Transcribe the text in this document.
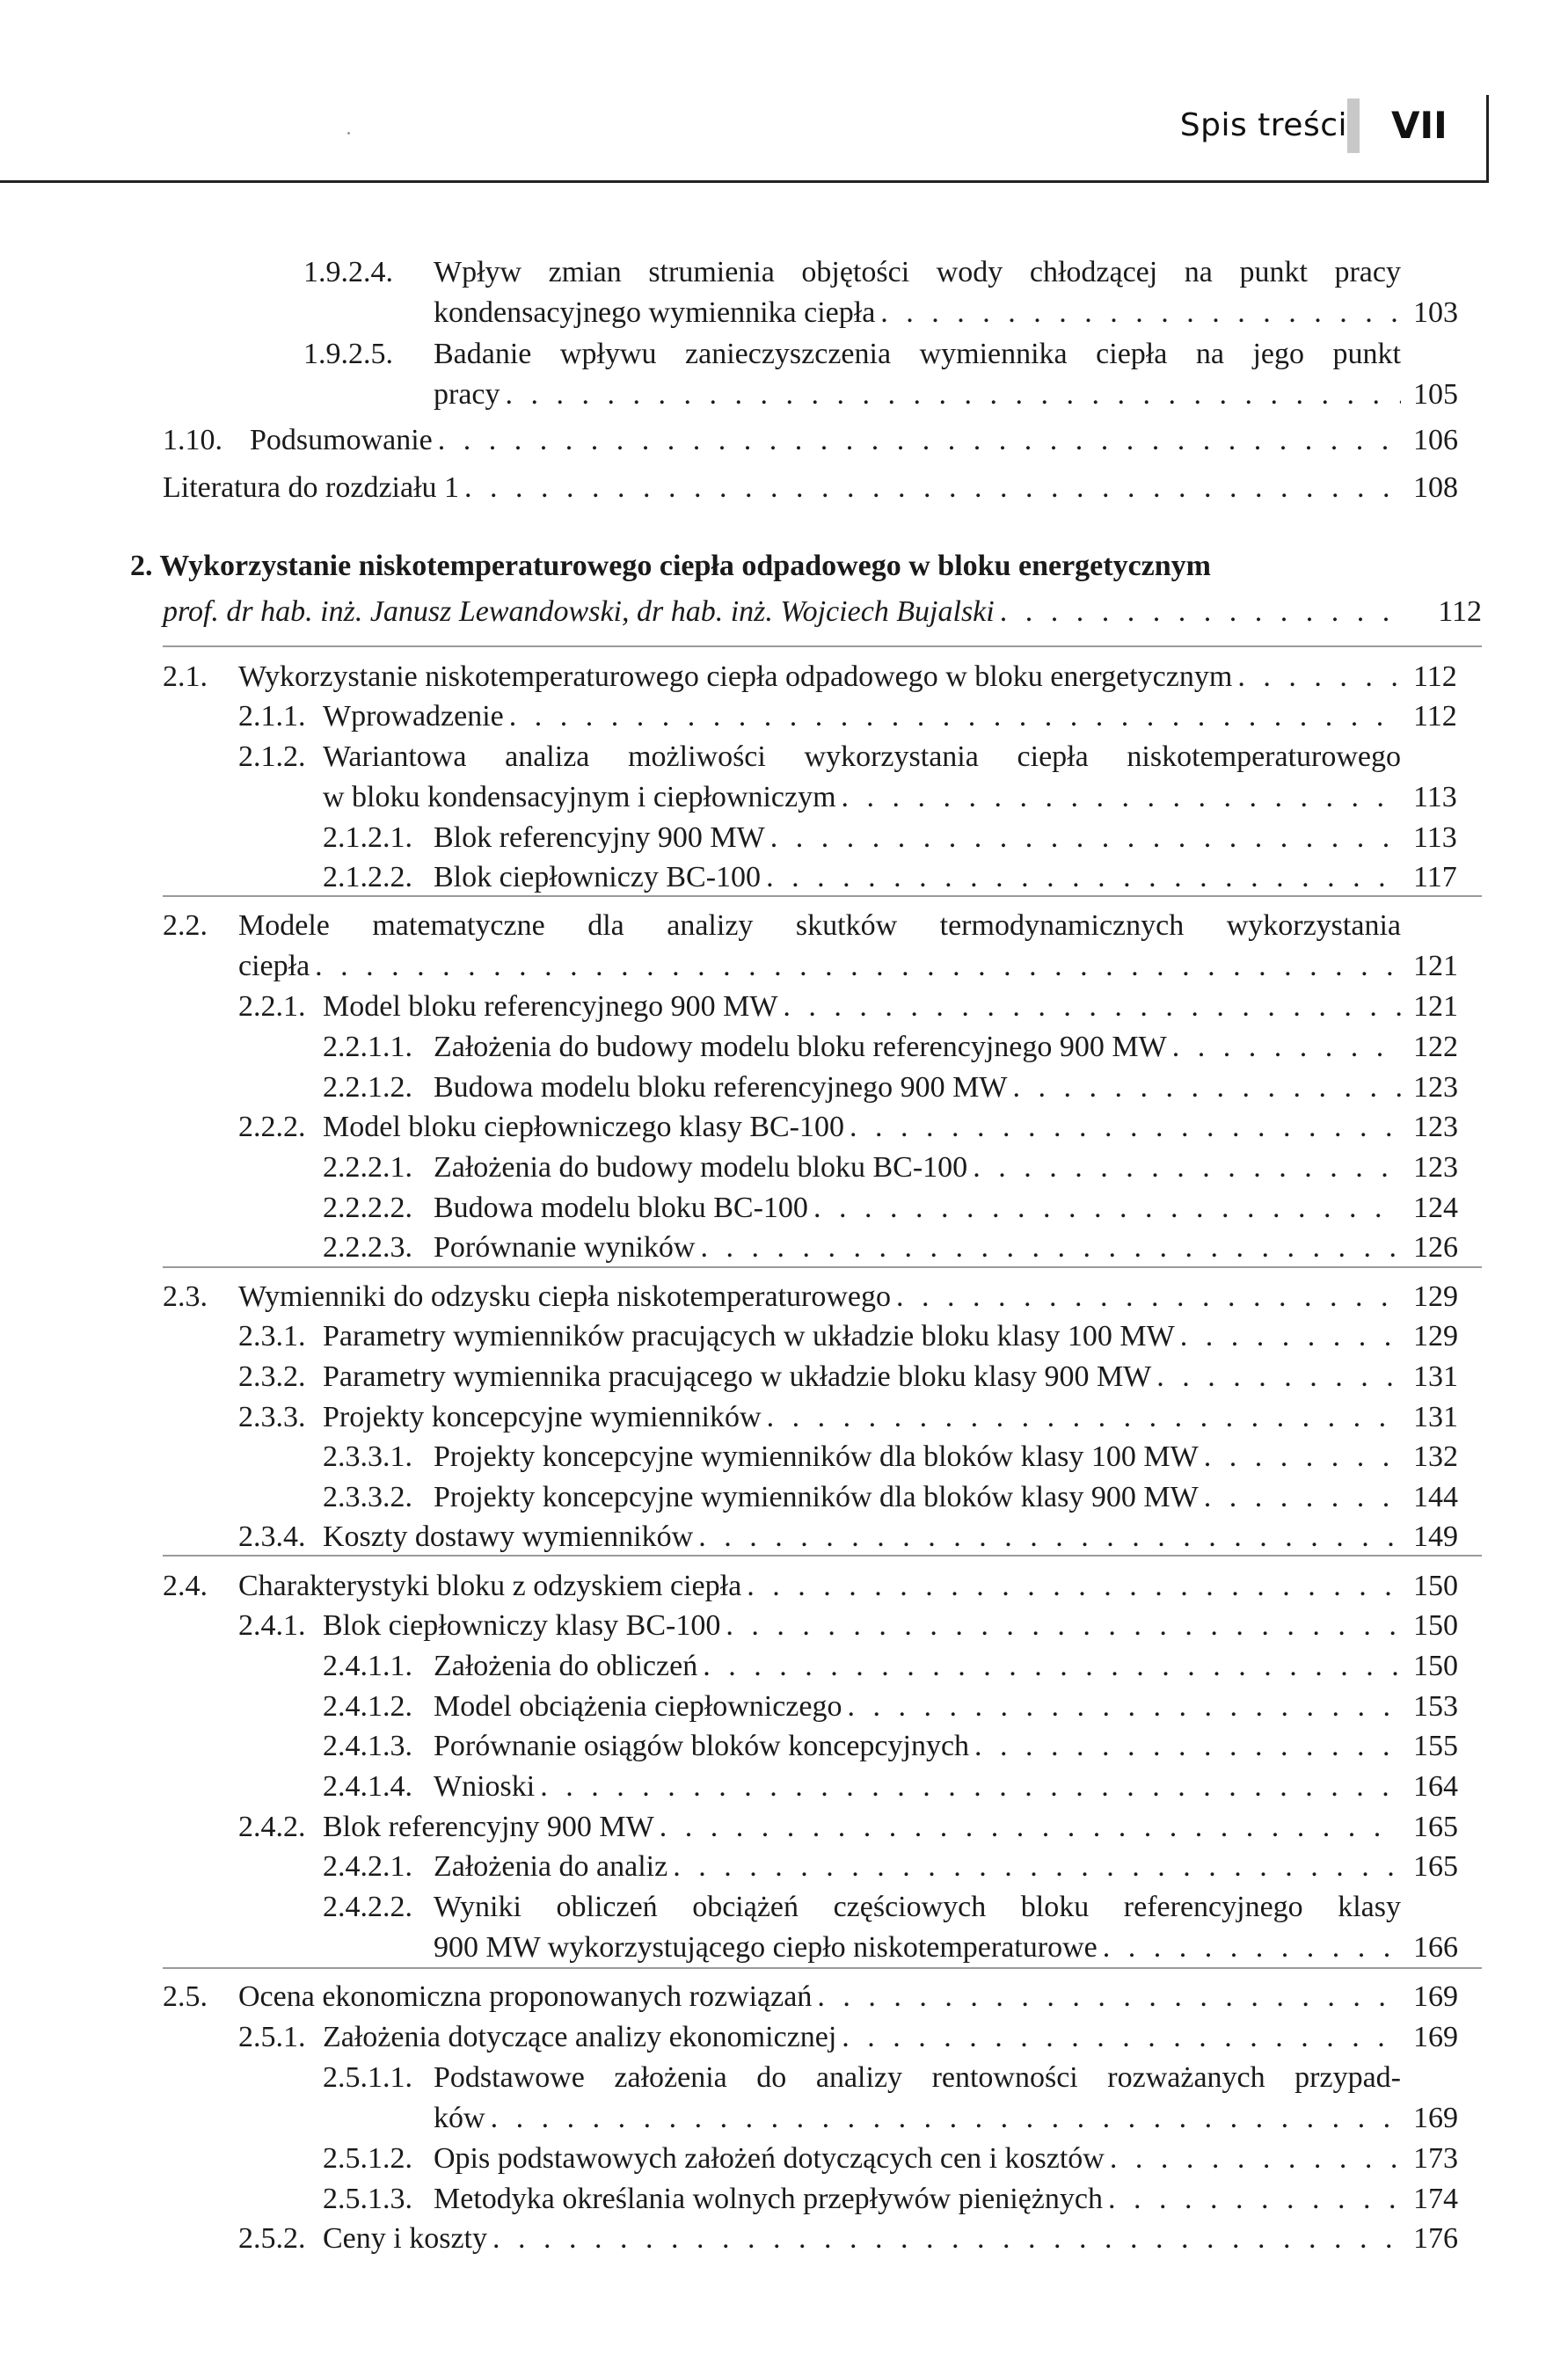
Spis treści VII
2. Wykorzystanie niskotemperaturowego ciepła odpadowego w bloku energetycznym
prof. dr hab. inż. Janusz Lewandowski, dr hab. inż. Wojciech Bujalski . . .	112
1.9.2.4. Wpływ zmian strumienia objętości wody chłodzącej na punkt pracy
kondensacyjnego wymiennika ciepła . . .	103
1.9.2.5. Badanie wpływu zanieczyszczenia wymiennika ciepła na jego punkt
pracy . . .	105
1.10. Podsumowanie . . .	106
Literatura do rozdziału 1 . . .	108
2.1. Wykorzystanie niskotemperaturowego ciepła odpadowego w bloku energetycznym . . .	112
2.1.1. Wprowadzenie . . .	112
2.1.2. Wariantowa analiza możliwości wykorzystania ciepła niskotemperaturowego
w bloku kondensacyjnym i ciepłowniczym . . .	113
2.1.2.1. Blok referencyjny 900 MW . . .	113
2.1.2.2. Blok ciepłowniczy BC-100 . . .	117
2.2. Modele matematyczne dla analizy skutków termodynamicznych wykorzystania
ciepła . . .	121
2.2.1. Model bloku referencyjnego 900 MW . . .	121
2.2.1.1. Założenia do budowy modelu bloku referencyjnego 900 MW . . .	122
2.2.1.2. Budowa modelu bloku referencyjnego 900 MW . . .	123
2.2.2. Model bloku ciepłowniczego klasy BC-100 . . .	123
2.2.2.1. Założenia do budowy modelu bloku BC-100 . . .	123
2.2.2.2. Budowa modelu bloku BC-100 . . .	124
2.2.2.3. Porównanie wyników . . .	126
2.3. Wymienniki do odzysku ciepła niskotemperaturowego . . .	129
2.3.1. Parametry wymienników pracujących w układzie bloku klasy 100 MW . . .	129
2.3.2. Parametry wymiennika pracującego w układzie bloku klasy 900 MW . . .	131
2.3.3. Projekty koncepcyjne wymienników . . .	131
2.3.3.1. Projekty koncepcyjne wymienników dla bloków klasy 100 MW . . .	132
2.3.3.2. Projekty koncepcyjne wymienników dla bloków klasy 900 MW . . .	144
2.3.4. Koszty dostawy wymienników . . .	149
2.4. Charakterystyki bloku z odzyskiem ciepła . . .	150
2.4.1. Blok ciepłowniczy klasy BC-100 . . .	150
2.4.1.1. Założenia do obliczeń . . .	150
2.4.1.2. Model obciążenia ciepłowniczego . . .	153
2.4.1.3. Porównanie osiągów bloków koncepcyjnych . . .	155
2.4.1.4. Wnioski . . .	164
2.4.2. Blok referencyjny 900 MW . . .	165
2.4.2.1. Założenia do analiz . . .	165
2.4.2.2. Wyniki obliczeń obciążeń częściowych bloku referencyjnego klasy
900 MW wykorzystującego ciepło niskotemperaturowe . . .	166
2.5. Ocena ekonomiczna proponowanych rozwiązań . . .	169
2.5.1. Założenia dotyczące analizy ekonomicznej . . .	169
2.5.1.1. Podstawowe założenia do analizy rentowności rozważanych przypad-
ków . . .	169
2.5.1.2. Opis podstawowych założeń dotyczących cen i kosztów . . .	173
2.5.1.3. Metodyka określania wolnych przepływów pieniężnych . . .	174
2.5.2. Ceny i koszty . . .	176
